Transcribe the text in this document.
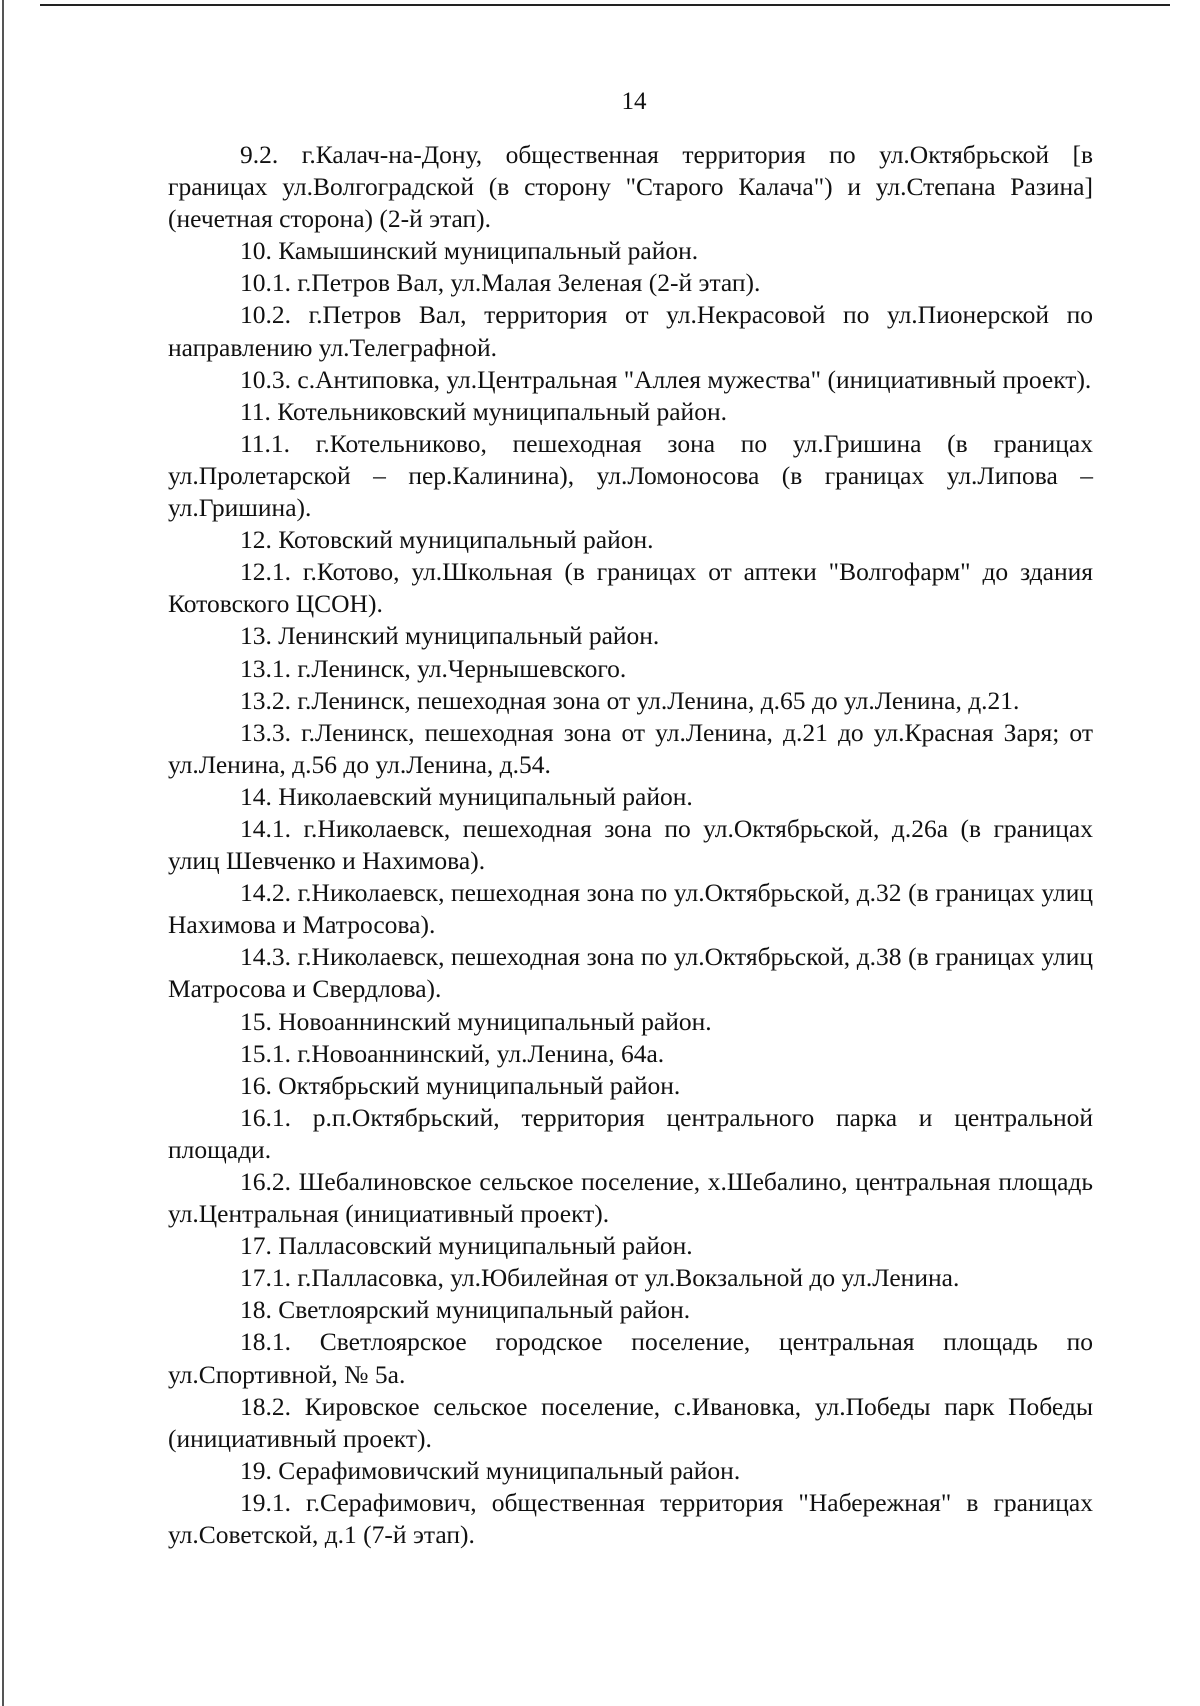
14

9.2. г.Калач-на-Дону, общественная территория по ул.Октябрьской [в границах ул.Волгоградской (в сторону "Старого Калача") и ул.Степана Разина] (нечетная сторона) (2-й этап).

10. Камышинский муниципальный район.

10.1. г.Петров Вал, ул.Малая Зеленая (2-й этап).

10.2. г.Петров Вал, территория от ул.Некрасовой по ул.Пионерской по направлению ул.Телеграфной.

10.3. с.Антиповка, ул.Центральная "Аллея мужества" (инициативный проект).

11. Котельниковский муниципальный район.

11.1. г.Котельниково, пешеходная зона по ул.Гришина (в границах ул.Пролетарской – пер.Калинина), ул.Ломоносова (в границах ул.Липова – ул.Гришина).

12. Котовский муниципальный район.

12.1. г.Котово, ул.Школьная (в границах от аптеки "Волгофарм" до здания Котовского ЦСОН).

13. Ленинский муниципальный район.

13.1. г.Ленинск, ул.Чернышевского.

13.2. г.Ленинск, пешеходная зона от ул.Ленина, д.65 до ул.Ленина, д.21.

13.3. г.Ленинск, пешеходная зона от ул.Ленина, д.21 до ул.Красная Заря; от ул.Ленина, д.56 до ул.Ленина, д.54.

14. Николаевский муниципальный район.

14.1. г.Николаевск, пешеходная зона по ул.Октябрьской, д.26а (в границах улиц Шевченко и Нахимова).

14.2. г.Николаевск, пешеходная зона по ул.Октябрьской, д.32 (в границах улиц Нахимова и Матросова).

14.3. г.Николаевск, пешеходная зона по ул.Октябрьской, д.38 (в границах улиц Матросова и Свердлова).

15. Новоаннинский муниципальный район.

15.1. г.Новоаннинский, ул.Ленина, 64а.

16. Октябрьский муниципальный район.

16.1. р.п.Октябрьский, территория центрального парка и центральной площади.

16.2. Шебалиновское сельское поселение, х.Шебалино, центральная площадь ул.Центральная (инициативный проект).

17. Палласовский муниципальный район.

17.1. г.Палласовка, ул.Юбилейная от ул.Вокзальной до ул.Ленина.

18. Светлоярский муниципальный район.

18.1. Светлоярское городское поселение, центральная площадь по ул.Спортивной, № 5а.

18.2. Кировское сельское поселение, с.Ивановка, ул.Победы парк Победы (инициативный проект).

19. Серафимовичский муниципальный район.

19.1. г.Серафимович, общественная территория "Набережная" в границах ул.Советской, д.1 (7-й этап).
